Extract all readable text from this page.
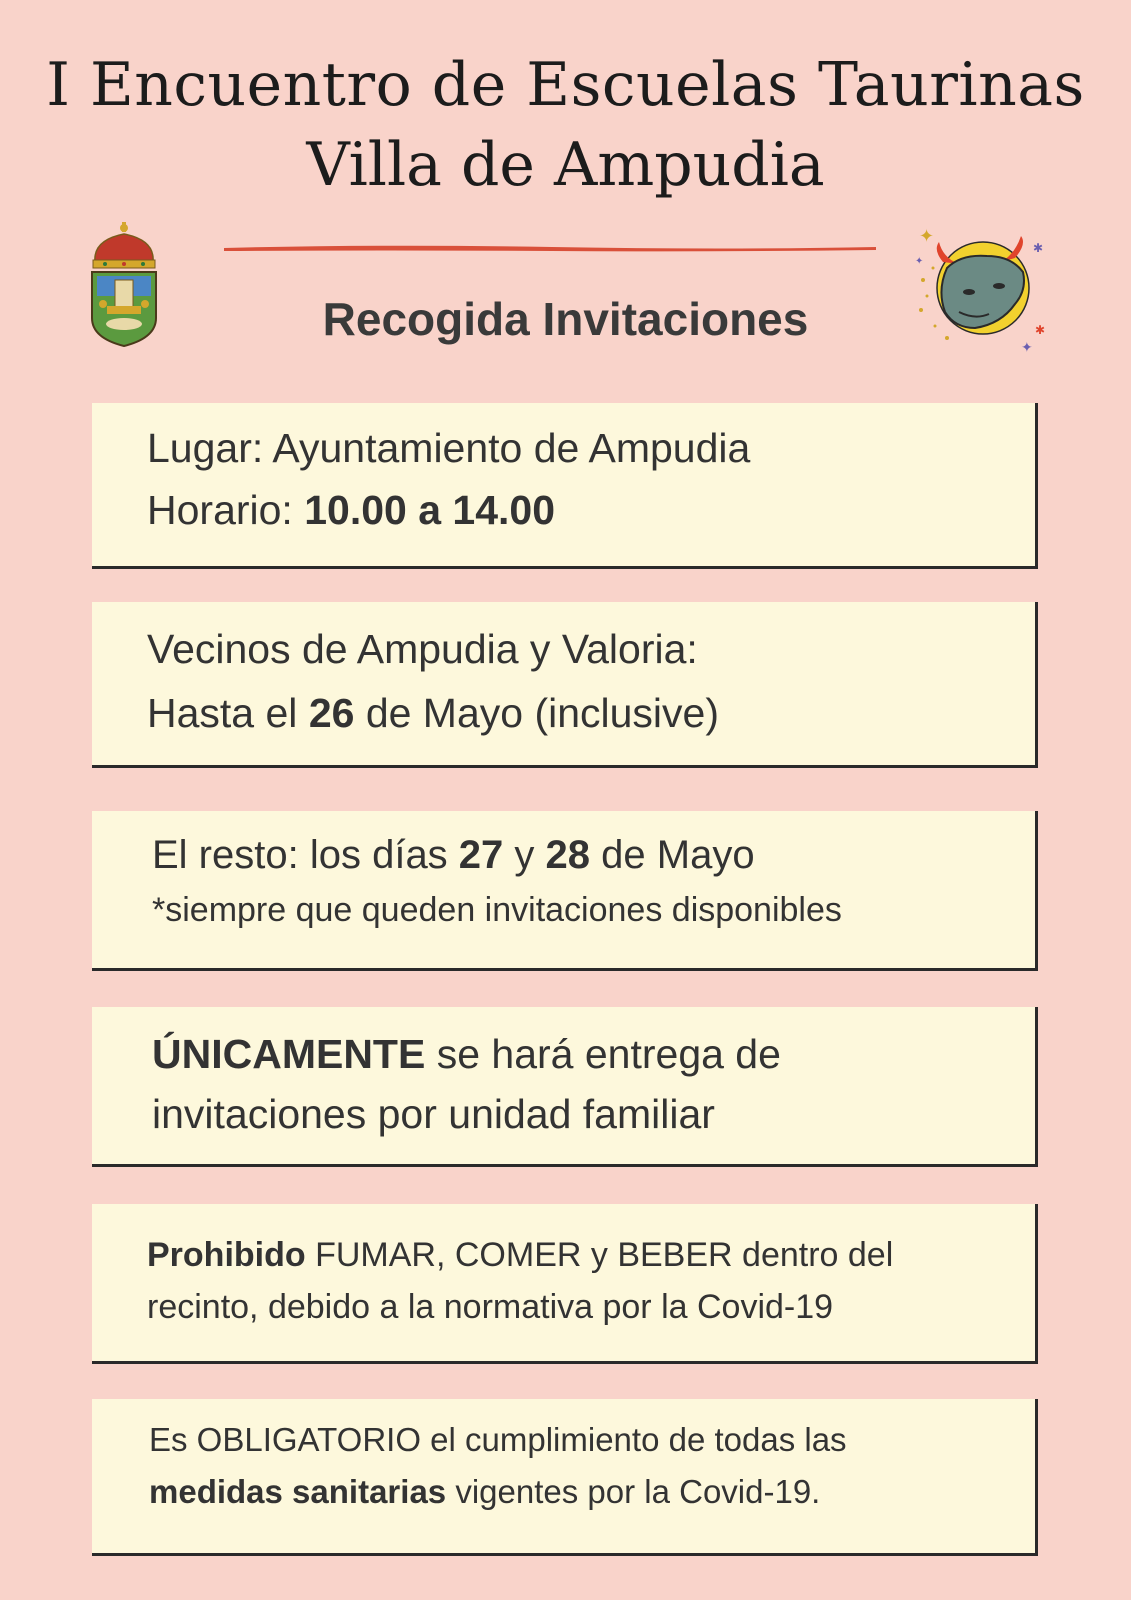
I Encuentro de Escuelas Taurinas
Villa de Ampudia
✦
✱
✱
✦
✦
Recogida Invitaciones

Lugar: Ayuntamiento de Ampudia

Horario: 10.00 a 14.00

Vecinos de Ampudia y Valoria:

Hasta el 26 de Mayo (inclusive)

El resto: los días 27 y 28 de Mayo

*siempre que queden invitaciones disponibles

ÚNICAMENTE se hará entrega de

invitaciones por unidad familiar

Prohibido FUMAR, COMER y BEBER dentro del

recinto, debido a la normativa por la Covid-19

Es OBLIGATORIO el cumplimiento de todas las

medidas sanitarias vigentes por la Covid-19.
